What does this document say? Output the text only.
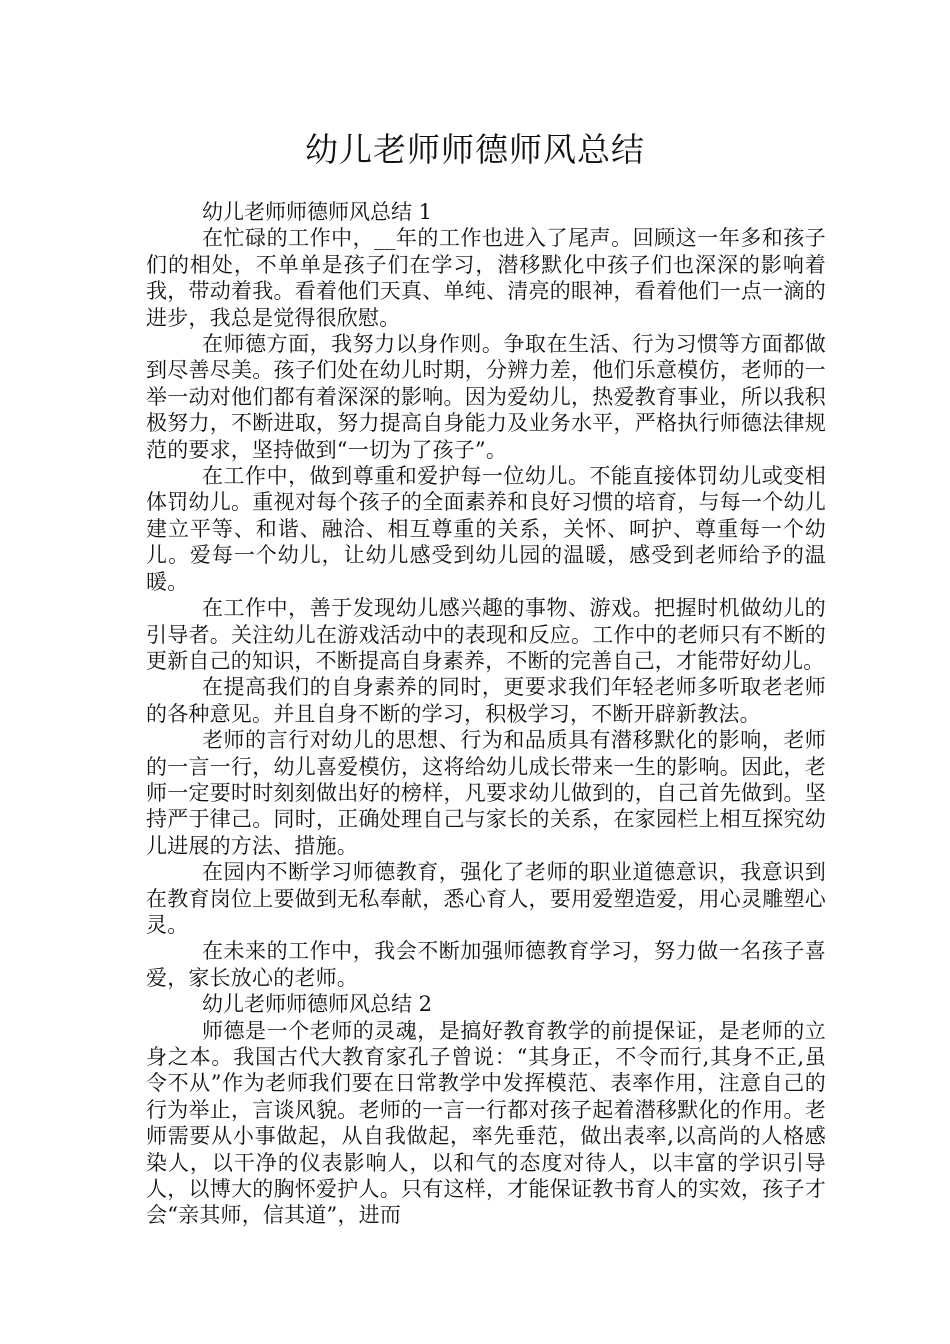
幼儿老师师德师风总结

幼儿老师师德师风总结 1

在忙碌的工作中，__年的工作也进入了尾声。回顾这一年多和孩子们的相处，不单单是孩子们在学习，潜移默化中孩子们也深深的影响着我，带动着我。看着他们天真、单纯、清亮的眼神，看着他们一点一滴的进步，我总是觉得很欣慰。

在师德方面，我努力以身作则。争取在生活、行为习惯等方面都做到尽善尽美。孩子们处在幼儿时期，分辨力差，他们乐意模仿，老师的一举一动对他们都有着深深的影响。因为爱幼儿，热爱教育事业，所以我积极努力，不断进取，努力提高自身能力及业务水平，严格执行师德法律规范的要求，坚持做到“一切为了孩子”。

在工作中，做到尊重和爱护每一位幼儿。不能直接体罚幼儿或变相体罚幼儿。重视对每个孩子的全面素养和良好习惯的培育，与每一个幼儿建立平等、和谐、融洽、相互尊重的关系，关怀、呵护、尊重每一个幼儿。爱每一个幼儿，让幼儿感受到幼儿园的温暖，感受到老师给予的温暖。

在工作中，善于发现幼儿感兴趣的事物、游戏。把握时机做幼儿的引导者。关注幼儿在游戏活动中的表现和反应。工作中的老师只有不断的更新自己的知识，不断提高自身素养，不断的完善自己，才能带好幼儿。

在提高我们的自身素养的同时，更要求我们年轻老师多听取老老师的各种意见。并且自身不断的学习，积极学习，不断开辟新教法。

老师的言行对幼儿的思想、行为和品质具有潜移默化的影响，老师的一言一行，幼儿喜爱模仿，这将给幼儿成长带来一生的影响。因此，老师一定要时时刻刻做出好的榜样，凡要求幼儿做到的，自己首先做到。坚持严于律己。同时，正确处理自己与家长的关系，在家园栏上相互探究幼儿进展的方法、措施。

在园内不断学习师德教育，强化了老师的职业道德意识，我意识到在教育岗位上要做到无私奉献，悉心育人，要用爱塑造爱，用心灵雕塑心灵。

在未来的工作中，我会不断加强师德教育学习，努力做一名孩子喜爱，家长放心的老师。

幼儿老师师德师风总结 2

师德是一个老师的灵魂，是搞好教育教学的前提保证，是老师的立身之本。我国古代大教育家孔子曾说：“其身正，不令而行,其身不正,虽令不从”作为老师我们要在日常教学中发挥模范、表率作用，注意自己的行为举止，言谈风貌。老师的一言一行都对孩子起着潜移默化的作用。老师需要从小事做起，从自我做起，率先垂范，做出表率,以高尚的人格感染人，以干净的仪表影响人，以和气的态度对待人，以丰富的学识引导人，以博大的胸怀爱护人。只有这样，才能保证教书育人的实效，孩子才会“亲其师，信其道”，进而
